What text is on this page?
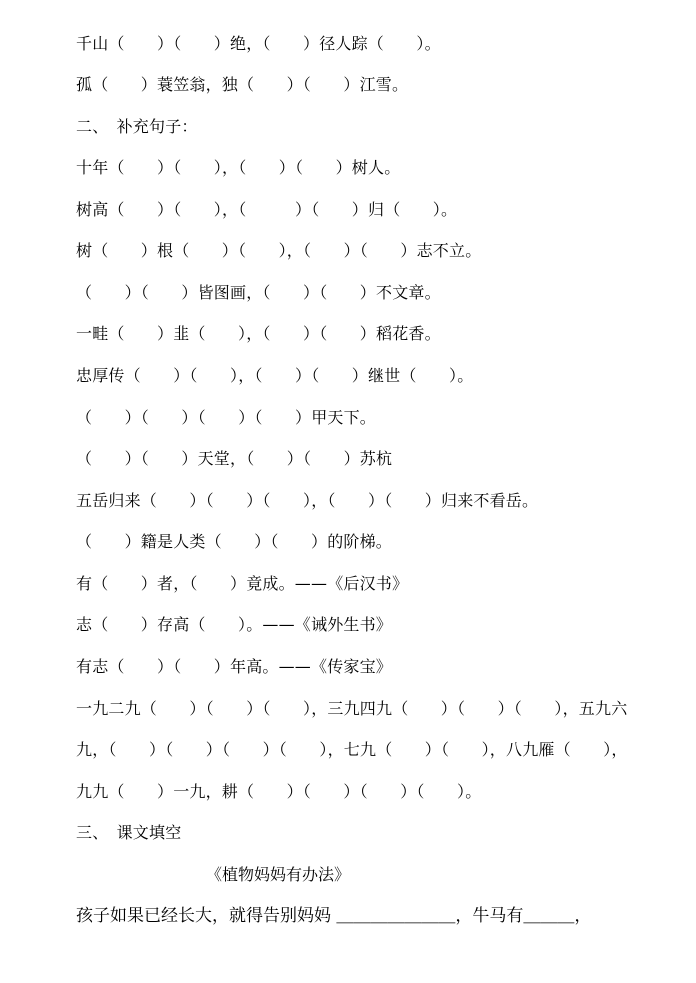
千山（　　）（　　）绝，（　　）径人踪（　　）。
孤（　　）蓑笠翁，独（　　）（　　）江雪。
二、　补充句子：
十年（　　）（　　），（　　）（　　）树人。
树高（　　）（　　），（　　　）（　　）归（　　）。
树（　　）根（　　）（　　），（　　）（　　）志不立。
（　　）（　　）皆图画，（　　）（　　）不文章。
一畦（　　）韭（　　），（　　）（　　）稻花香。
忠厚传（　　）（　　），（　　）（　　）继世（　　）。
（　　）（　　）（　　）（　　）甲天下。
（　　）（　　）天堂，（　　）（　　）苏杭
五岳归来（　　）（　　）（　　），（　　）（　　）归来不看岳。
（　　）籍是人类（　　）（　　）的阶梯。
有（　　）者，（　　）竟成。——《后汉书》
志（　　）存高（　　）。——《诫外生书》
有志（　　）（　　）年高。——《传家宝》
一九二九（　　）（　　）（　　），三九四九（　　）（　　）（　　），五九六
九，（　　）（　　）（　　）（　　），七九（　　）（　　），八九雁（　　），
九九（　　）一九，耕（　　）（　　）（　　）（　　）。
三、　课文填空
《植物妈妈有办法》
孩子如果已经长大，就得告别妈妈 ＿＿＿＿＿＿＿，牛马有＿＿＿，
